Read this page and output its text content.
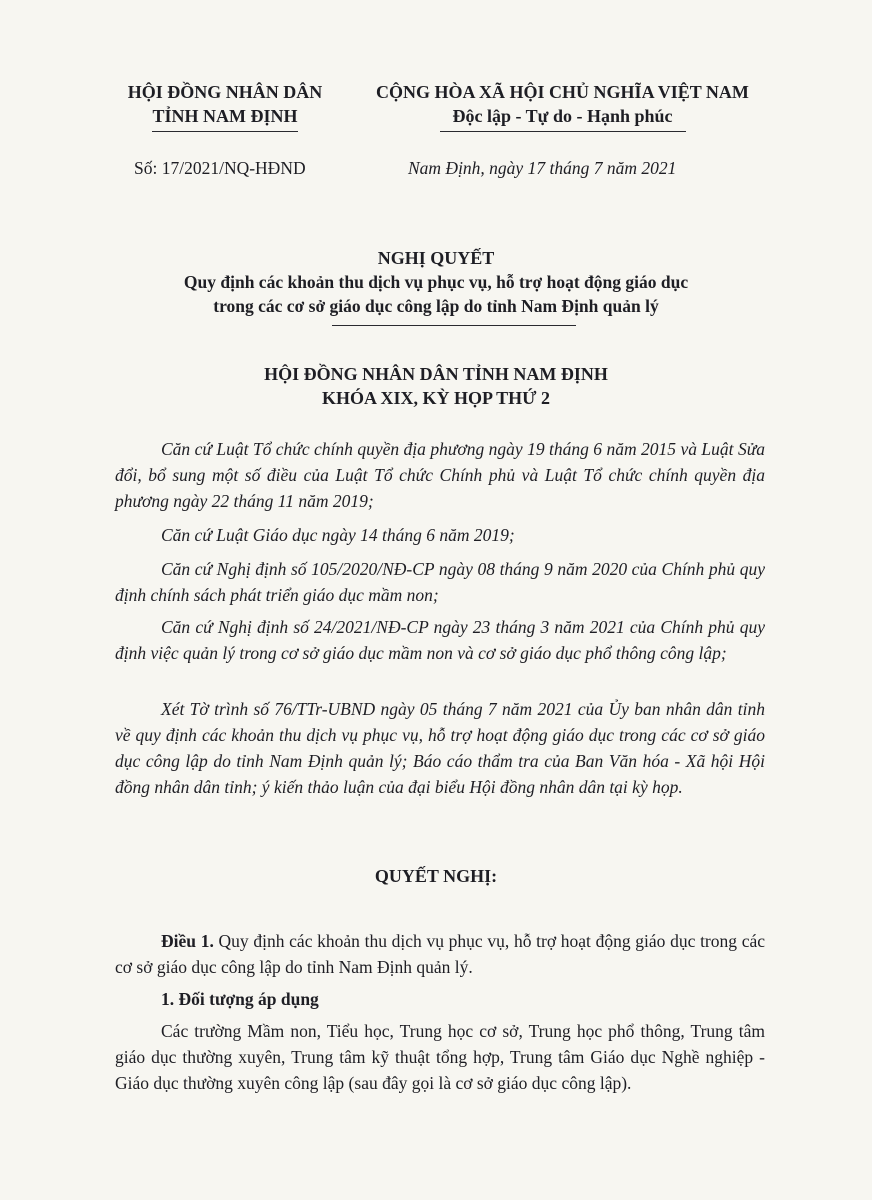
HỘI ĐỒNG NHÂN DÂN
TỈNH NAM ĐỊNH
CỘNG HÒA XÃ HỘI CHỦ NGHĨA VIỆT NAM
Độc lập - Tự do - Hạnh phúc
Số: 17/2021/NQ-HĐND	Nam Định, ngày 17 tháng 7 năm 2021
NGHỊ QUYẾT
Quy định các khoản thu dịch vụ phục vụ, hỗ trợ hoạt động giáo dục
trong các cơ sở giáo dục công lập do tỉnh Nam Định quản lý
HỘI ĐỒNG NHÂN DÂN TỈNH NAM ĐỊNH
KHÓA XIX, KỲ HỌP THỨ 2
Căn cứ Luật Tổ chức chính quyền địa phương ngày 19 tháng 6 năm 2015 và Luật Sửa đổi, bổ sung một số điều của Luật Tổ chức Chính phủ và Luật Tổ chức chính quyền địa phương ngày 22 tháng 11 năm 2019;
Căn cứ Luật Giáo dục ngày 14 tháng 6 năm 2019;
Căn cứ Nghị định số 105/2020/NĐ-CP ngày 08 tháng 9 năm 2020 của Chính phủ quy định chính sách phát triển giáo dục mầm non;
Căn cứ Nghị định số 24/2021/NĐ-CP ngày 23 tháng 3 năm 2021 của Chính phủ quy định việc quản lý trong cơ sở giáo dục mầm non và cơ sở giáo dục phổ thông công lập;
Xét Tờ trình số 76/TTr-UBND ngày 05 tháng 7 năm 2021 của Ủy ban nhân dân tỉnh về quy định các khoản thu dịch vụ phục vụ, hỗ trợ hoạt động giáo dục trong các cơ sở giáo dục công lập do tỉnh Nam Định quản lý; Báo cáo thẩm tra của Ban Văn hóa - Xã hội Hội đồng nhân dân tỉnh; ý kiến thảo luận của đại biểu Hội đồng nhân dân tại kỳ họp.
QUYẾT NGHỊ:
Điều 1. Quy định các khoản thu dịch vụ phục vụ, hỗ trợ hoạt động giáo dục trong các cơ sở giáo dục công lập do tỉnh Nam Định quản lý.
1. Đối tượng áp dụng
Các trường Mầm non, Tiểu học, Trung học cơ sở, Trung học phổ thông, Trung tâm giáo dục thường xuyên, Trung tâm kỹ thuật tổng hợp, Trung tâm Giáo dục Nghề nghiệp - Giáo dục thường xuyên công lập (sau đây gọi là cơ sở giáo dục công lập).
